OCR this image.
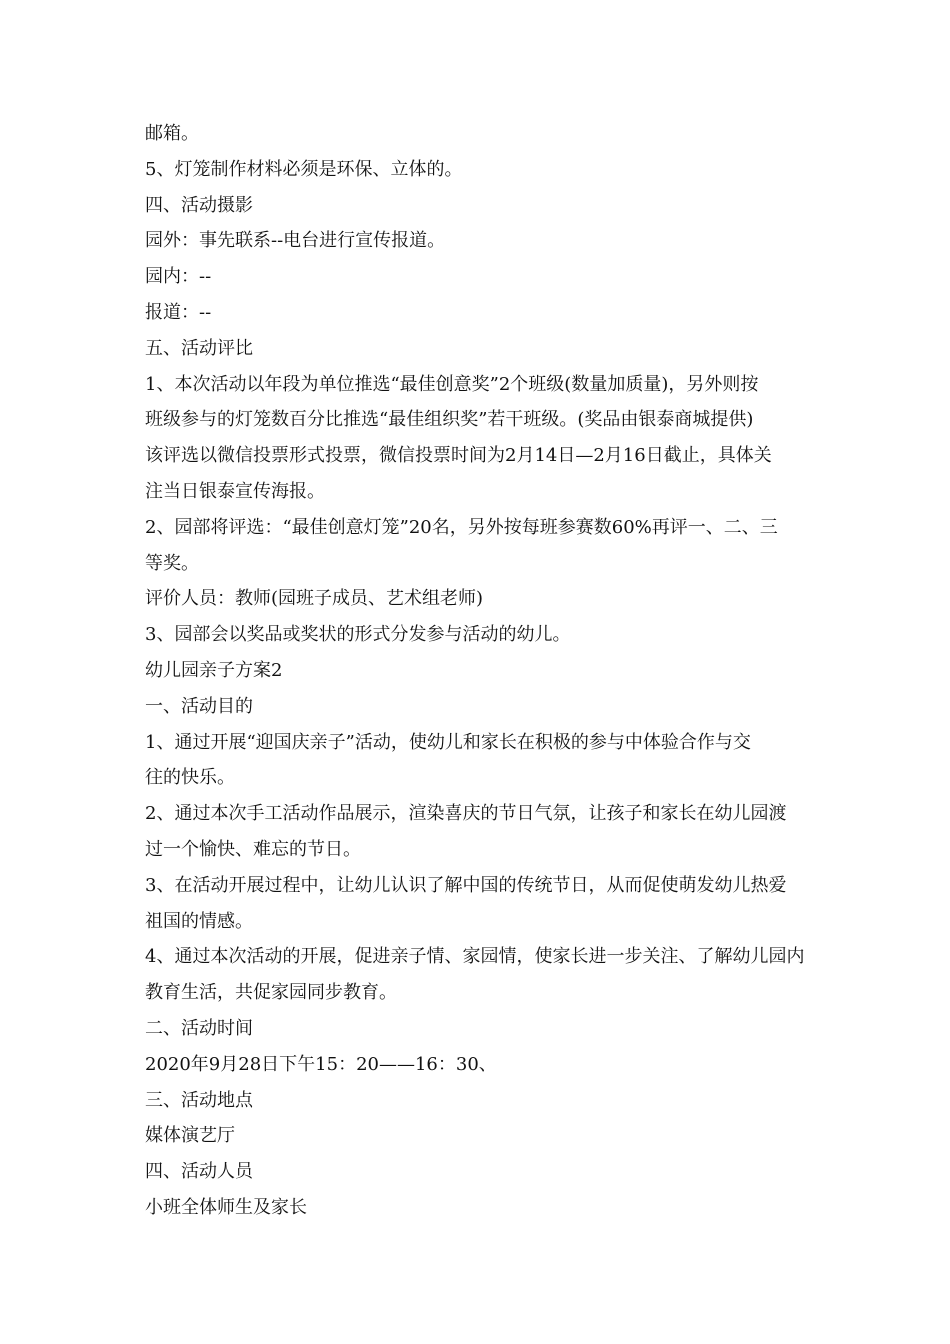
邮箱。
5、灯笼制作材料必须是环保、立体的。
四、活动摄影
园外：事先联系--电台进行宣传报道。
园内：--
报道：--
五、活动评比
1、本次活动以年段为单位推选“最佳创意奖”2个班级(数量加质量)，另外则按
班级参与的灯笼数百分比推选“最佳组织奖”若干班级。(奖品由银泰商城提供)
该评选以微信投票形式投票，微信投票时间为2月14日—2月16日截止，具体关
注当日银泰宣传海报。
2、园部将评选：“最佳创意灯笼”20名，另外按每班参赛数60%再评一、二、三
等奖。
评价人员：教师(园班子成员、艺术组老师)
3、园部会以奖品或奖状的形式分发参与活动的幼儿。
幼儿园亲子方案2
一、活动目的
1、通过开展“迎国庆亲子”活动，使幼儿和家长在积极的参与中体验合作与交
往的快乐。
2、通过本次手工活动作品展示，渲染喜庆的节日气氛，让孩子和家长在幼儿园渡
过一个愉快、难忘的节日。
3、在活动开展过程中，让幼儿认识了解中国的传统节日，从而促使萌发幼儿热爱
祖国的情感。
4、通过本次活动的开展，促进亲子情、家园情，使家长进一步关注、了解幼儿园内
教育生活，共促家园同步教育。
二、活动时间
2020年9月28日下午15：20——16：30、
三、活动地点
媒体演艺厅
四、活动人员
小班全体师生及家长
